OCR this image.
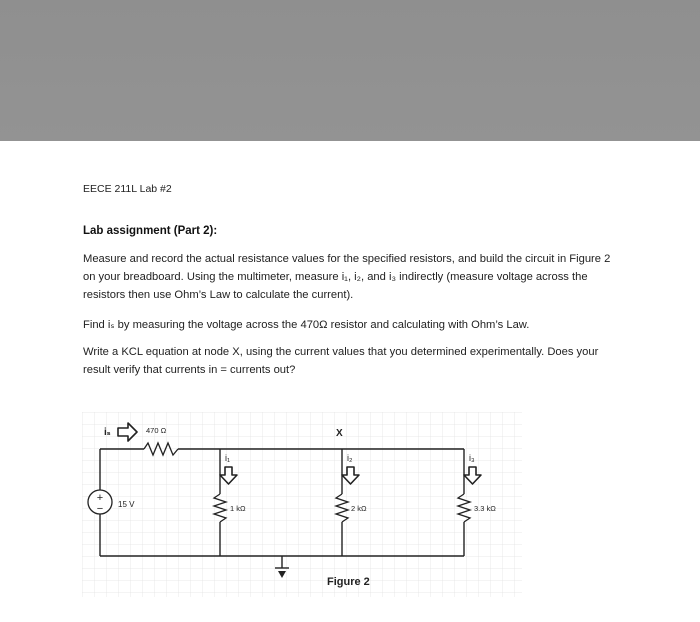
EECE 211L Lab #2
Lab assignment (Part 2):

Measure and record the actual resistance values for the specified resistors, and build the circuit in Figure 2 on your breadboard. Using the multimeter, measure i₁, i₂, and i₃ indirectly (measure voltage across the resistors then use Ohm’s Law to calculate the current).

Find iₛ by measuring the voltage across the 470Ω resistor and calculating with Ohm’s Law.

Write a KCL equation at node X, using the current values that you determined experimentally. Does your result verify that currents in = currents out?

+
− 15 V
iₛ	470 Ω	X
i₁
1 kΩ
i₂
2 kΩ
i₃
3.3 kΩ
Figure 2
